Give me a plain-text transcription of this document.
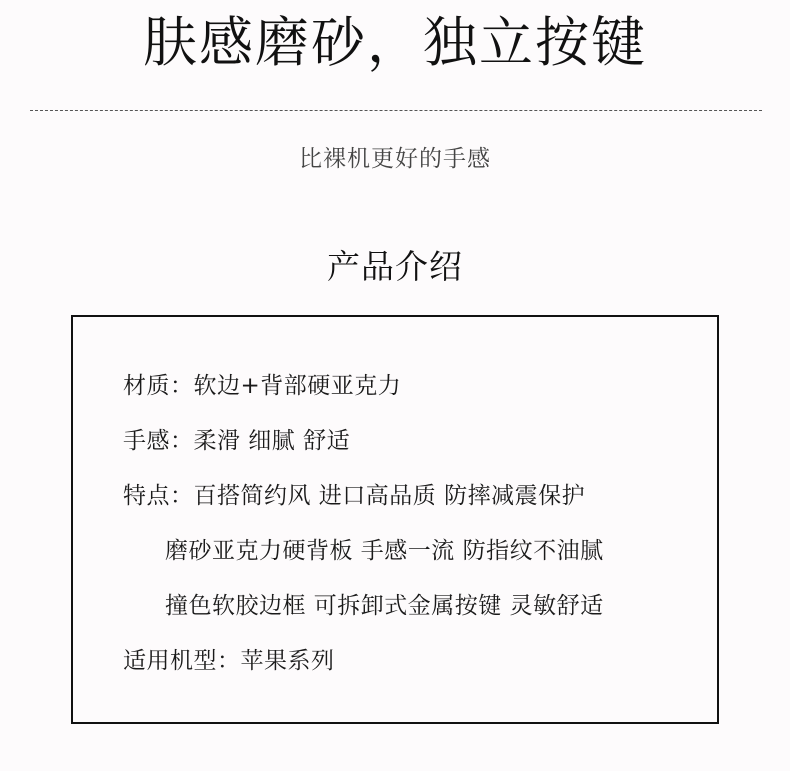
肤感磨砂，独立按键
比裸机更好的手感
产品介绍
材质：软边+背部硬亚克力
手感：柔滑 细腻 舒适
特点：百搭简约风 进口高品质 防摔减震保护
磨砂亚克力硬背板 手感一流 防指纹不油腻
撞色软胶边框 可拆卸式金属按键 灵敏舒适
适用机型：苹果系列
